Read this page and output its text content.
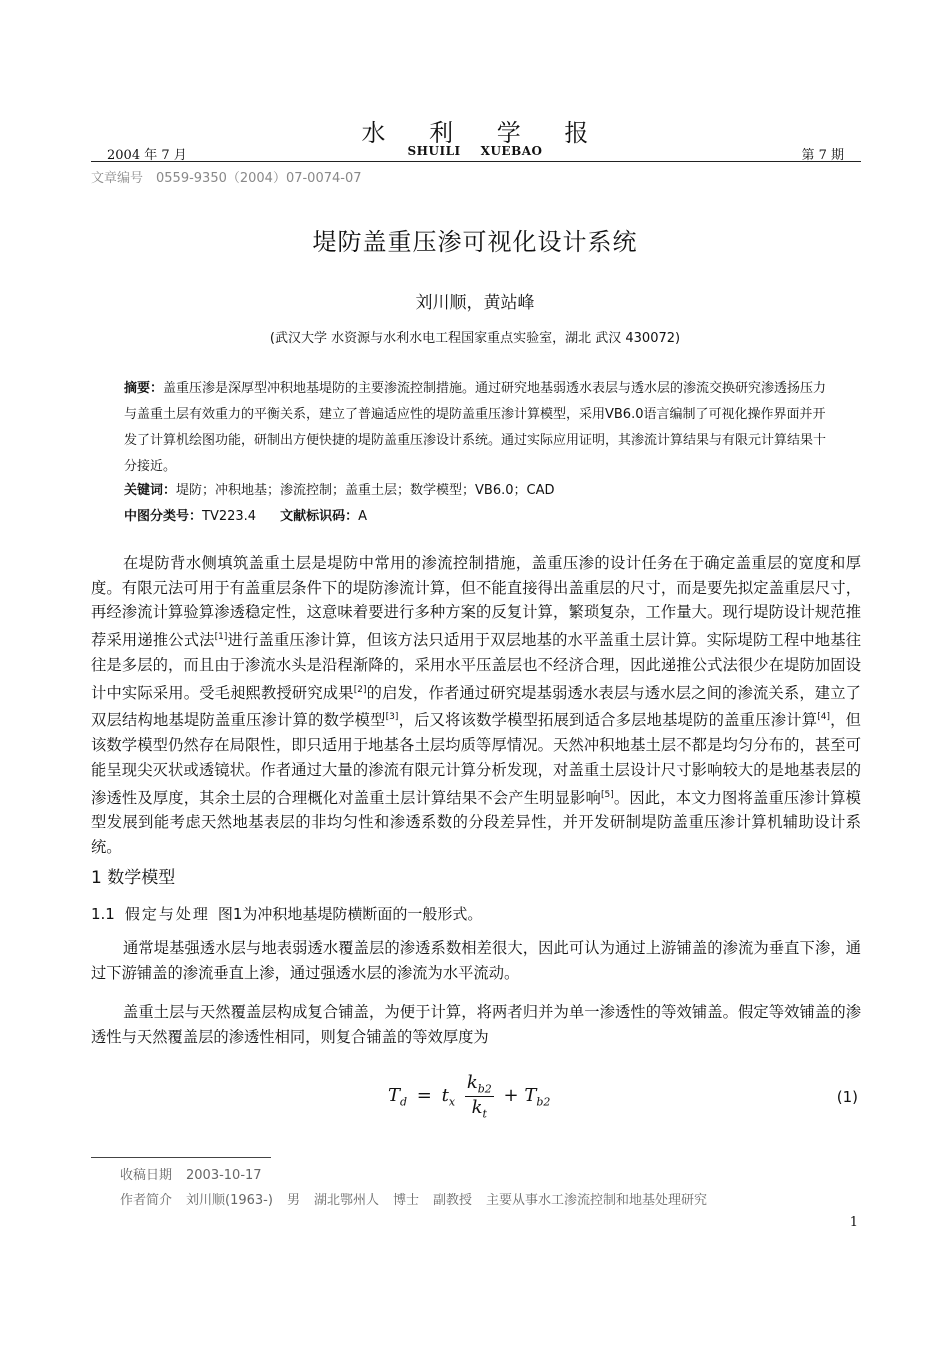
水 利 学 报
2004 年 7 月	SHUILI XUEBAO	第 7 期
文章编号　0559-9350（2004）07-0074-07
堤防盖重压渗可视化设计系统
刘川顺，黄站峰
(武汉大学 水资源与水利水电工程国家重点实验室，湖北 武汉 430072)
摘要：盖重压渗是深厚型冲积地基堤防的主要渗流控制措施。通过研究地基弱透水表层与透水层的渗流交换研究渗透扬压力与盖重土层有效重力的平衡关系，建立了普遍适应性的堤防盖重压渗计算模型，采用VB6.0语言编制了可视化操作界面并开发了计算机绘图功能，研制出方便快捷的堤防盖重压渗设计系统。通过实际应用证明，其渗流计算结果与有限元计算结果十分接近。
关键词：堤防；冲积地基；渗流控制；盖重土层；数学模型；VB6.0；CAD
中图分类号：TV223.4 文献标识码：A
在堤防背水侧填筑盖重土层是堤防中常用的渗流控制措施，盖重压渗的设计任务在于确定盖重层的宽度和厚度。有限元法可用于有盖重层条件下的堤防渗流计算，但不能直接得出盖重层的尺寸，而是要先拟定盖重层尺寸，再经渗流计算验算渗透稳定性，这意味着要进行多种方案的反复计算，繁琐复杂，工作量大。现行堤防设计规范推荐采用递推公式法[1]进行盖重压渗计算，但该方法只适用于双层地基的水平盖重土层计算。实际堤防工程中地基往往是多层的，而且由于渗流水头是沿程渐降的，采用水平压盖层也不经济合理，因此递推公式法很少在堤防加固设计中实际采用。受毛昶熙教授研究成果[2]的启发，作者通过研究堤基弱透水表层与透水层之间的渗流关系，建立了双层结构地基堤防盖重压渗计算的数学模型[3]，后又将该数学模型拓展到适合多层地基堤防的盖重压渗计算[4]，但该数学模型仍然存在局限性，即只适用于地基各土层均质等厚情况。天然冲积地基土层不都是均匀分布的，甚至可能呈现尖灭状或透镜状。作者通过大量的渗流有限元计算分析发现，对盖重土层设计尺寸影响较大的是地基表层的渗透性及厚度，其余土层的合理概化对盖重土层计算结果不会产生明显影响[5]。因此，本文力图将盖重压渗计算模型发展到能考虑天然地基表层的非均匀性和渗透系数的分段差异性，并开发研制堤防盖重压渗计算机辅助设计系统。
1 数学模型
1.1 假定与处理 图1为冲积地基堤防横断面的一般形式。
通常堤基强透水层与地表弱透水覆盖层的渗透系数相差很大，因此可认为通过上游铺盖的渗流为垂直下渗，通过下游铺盖的渗流垂直上渗，通过强透水层的渗流为水平流动。
盖重土层与天然覆盖层构成复合铺盖，为便于计算，将两者归并为单一渗透性的等效铺盖。假定等效铺盖的渗透性与天然覆盖层的渗透性相同，则复合铺盖的等效厚度为
$T_d = t_x \frac{k_{b2}}{k_t} + T_{b2}$	(1)
收稿日期 2003-10-17
作者简介 刘川顺(1963-) 男 湖北鄂州人 博士 副教授 主要从事水工渗流控制和地基处理研究
1
